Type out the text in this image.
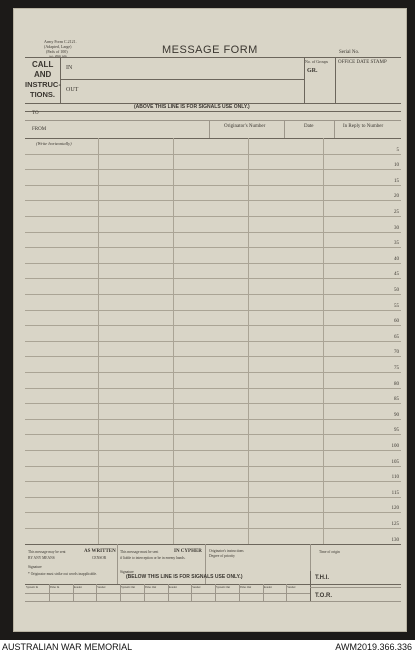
Army Form C.2121.
(Adapted, Large)
(Pads of 100)
a.e. 20m pds	MESSAGE FORM	Serial No.
CALL
AND
INSTRUC-
TIONS.
IN
OUT
No. of Groups
GR.
OFFICE DATE STAMP
(ABOVE THIS LINE IS FOR SIGNALS USE ONLY.)
TO
FROM
Originator's Number	Date	In Reply to Number
(Write horizontally)
5
10
15
20
25
30
35
40
45
50
55
60
65
70
75
80
85
90
95
100
105
110
115
120
125
130
This message may be sent	AS WRITTEN
BY ANY MEANS	CENSOR
Signature
* Originator must strike out words inapplicable.
This message must be sent	IN CYPHER
if liable to interception or be in enemy hands.
Signature
Originator's instructions
Degree of priority
Time of origin
(BELOW THIS LINE IS FOR SIGNALS USE ONLY.)	T.H.I.
T.O.R.
System In	Time In	Reader	Sender	System Out	Time Out	Reader	Sender	System Out	Time Out	Reader	Sender
AUSTRALIAN WAR MEMORIAL	AWM2019.366.336
